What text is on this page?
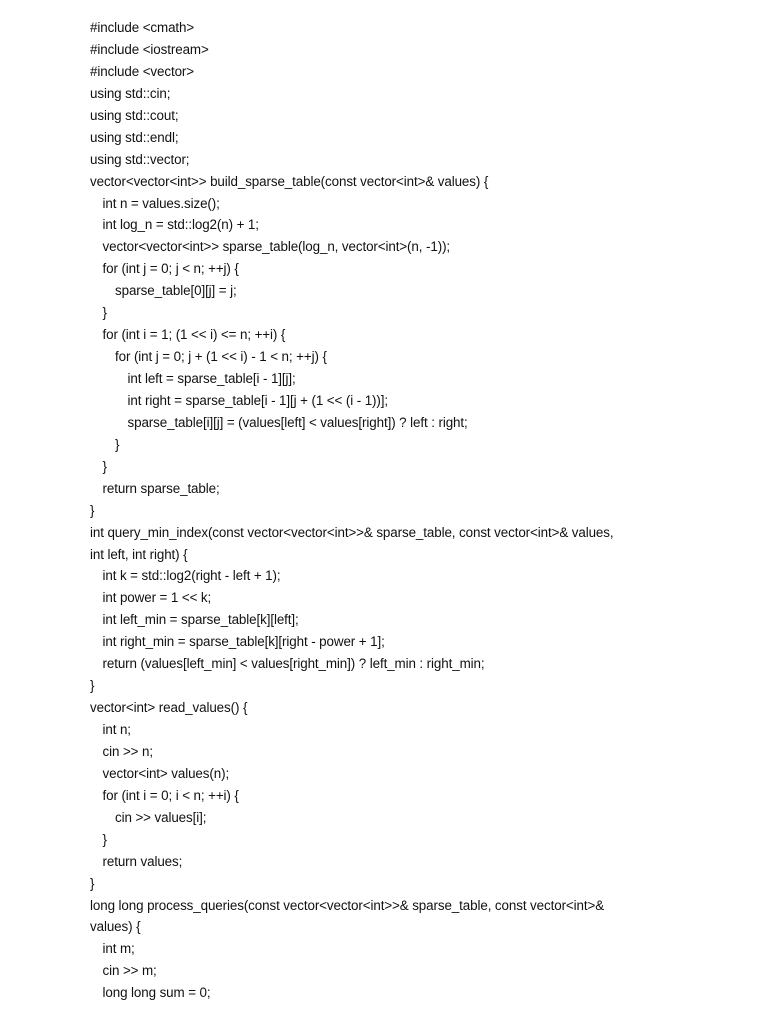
#include <cmath>
#include <iostream>
#include <vector>
using std::cin;
using std::cout;
using std::endl;
using std::vector;
vector<vector<int>> build_sparse_table(const vector<int>& values) {
int n = values.size();
int log_n = std::log2(n) + 1;
vector<vector<int>> sparse_table(log_n, vector<int>(n, -1));
for (int j = 0; j < n; ++j) {
sparse_table[0][j] = j;
}
for (int i = 1; (1 << i) <= n; ++i) {
for (int j = 0; j + (1 << i) - 1 < n; ++j) {
int left = sparse_table[i - 1][j];
int right = sparse_table[i - 1][j + (1 << (i - 1))];
sparse_table[i][j] = (values[left] < values[right]) ? left : right;
}
}
return sparse_table;
}
int query_min_index(const vector<vector<int>>& sparse_table, const vector<int>& values,
int left, int right) {
int k = std::log2(right - left + 1);
int power = 1 << k;
int left_min = sparse_table[k][left];
int right_min = sparse_table[k][right - power + 1];
return (values[left_min] < values[right_min]) ? left_min : right_min;
}
vector<int> read_values() {
int n;
cin >> n;
vector<int> values(n);
for (int i = 0; i < n; ++i) {
cin >> values[i];
}
return values;
}
long long process_queries(const vector<vector<int>>& sparse_table, const vector<int>&
values) {
int m;
cin >> m;
long long sum = 0;
